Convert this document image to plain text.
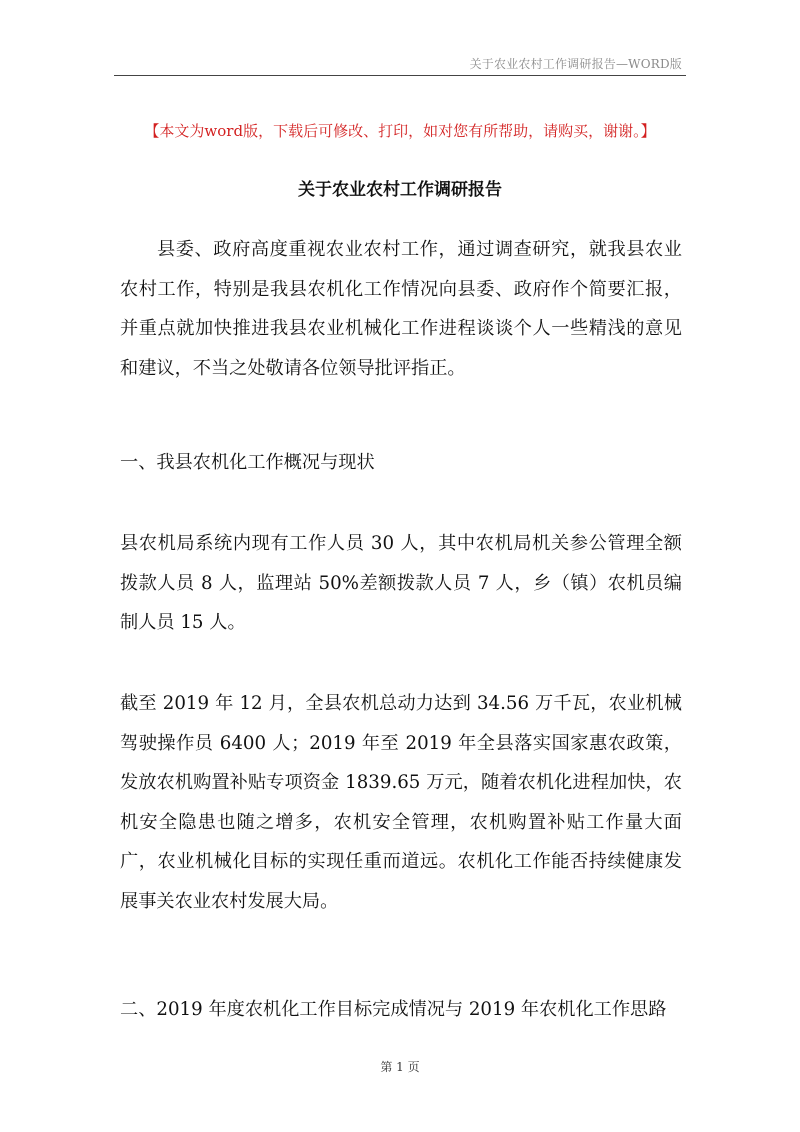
关于农业农村工作调研报告—WORD版
【本文为word版，下载后可修改、打印，如对您有所帮助，请购买，谢谢。】
关于农业农村工作调研报告

县委、政府高度重视农业农村工作，通过调查研究，就我县农业农村工作，特别是我县农机化工作情况向县委、政府作个简要汇报，并重点就加快推进我县农业机械化工作进程谈谈个人一些精浅的意见和建议，不当之处敬请各位领导批评指正。

一、我县农机化工作概况与现状

县农机局系统内现有工作人员 30 人，其中农机局机关参公管理全额拨款人员 8 人，监理站 50%差额拨款人员 7 人，乡（镇）农机员编制人员 15 人。

截至 2019 年 12 月，全县农机总动力达到 34.56 万千瓦，农业机械驾驶操作员 6400 人；2019 年至 2019 年全县落实国家惠农政策，发放农机购置补贴专项资金 1839.65 万元，随着农机化进程加快，农机安全隐患也随之增多，农机安全管理，农机购置补贴工作量大面广，农业机械化目标的实现任重而道远。农机化工作能否持续健康发展事关农业农村发展大局。

二、2019 年度农机化工作目标完成情况与 2019 年农机化工作思路

第 1 页
